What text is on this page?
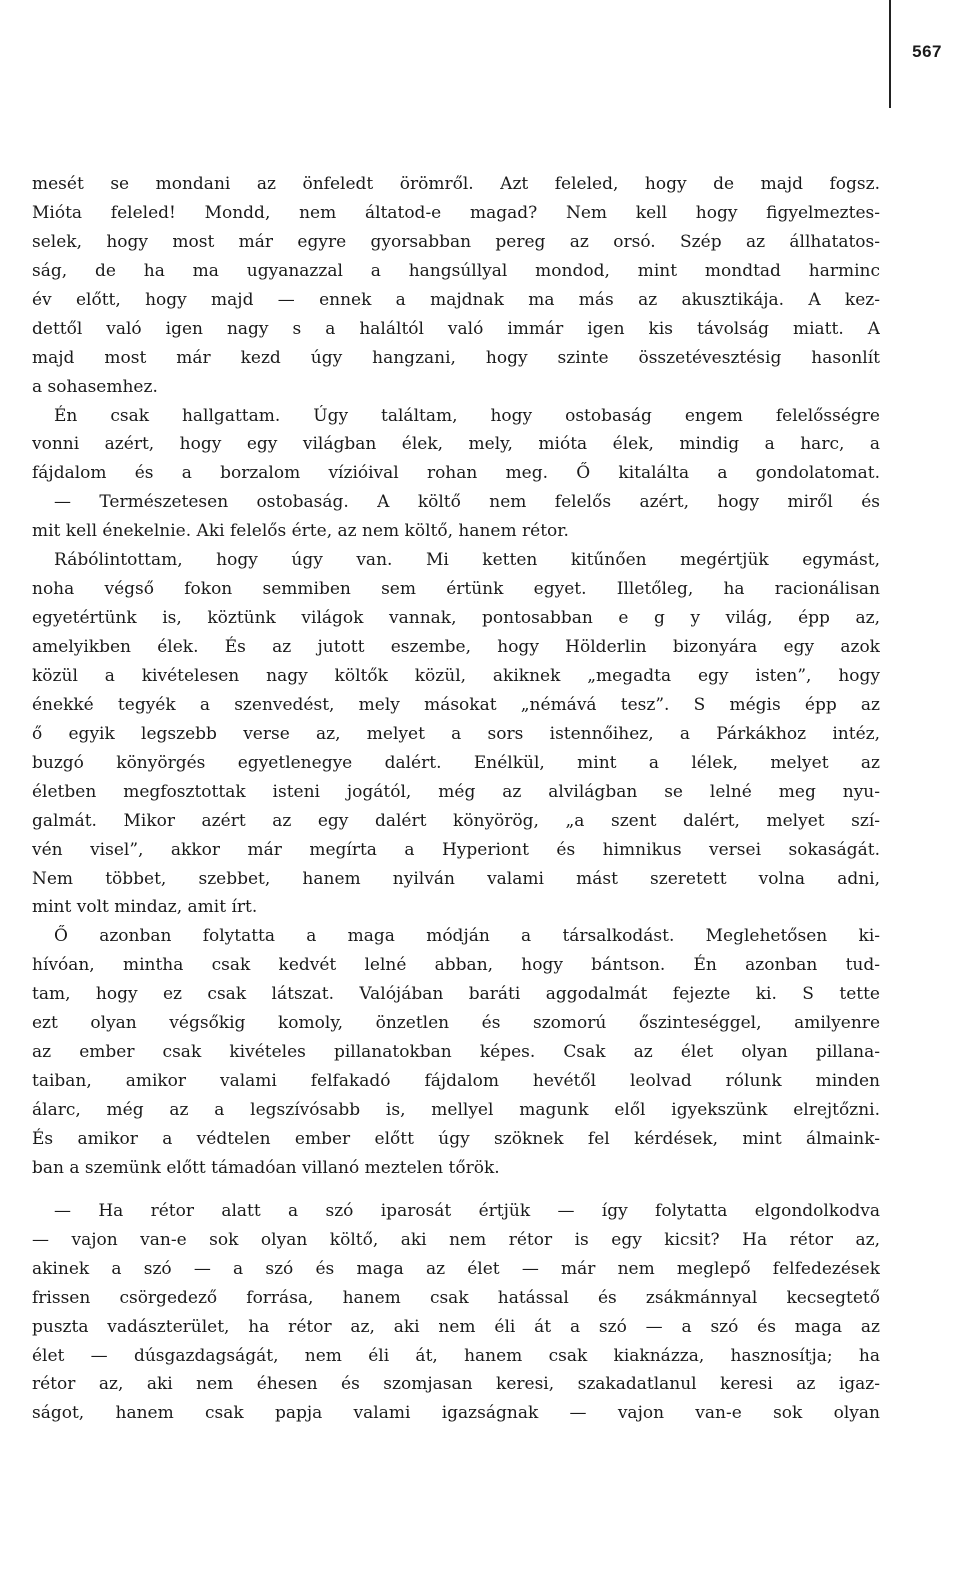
567
mesét se mondani az önfeledt örömről. Azt feleled, hogy de majd fogsz.
Mióta feleled! Mondd, nem áltatod-e magad? Nem kell hogy figyelmeztes-
selek, hogy most már egyre gyorsabban pereg az orsó. Szép az állhatatos-
ság, de ha ma ugyanazzal a hangsúllyal mondod, mint mondtad harminc
év előtt, hogy majd — ennek a majdnak ma más az akusztikája. A kez-
dettől való igen nagy s a haláltól való immár igen kis távolság miatt. A
majd most már kezd úgy hangzani, hogy szinte összetévesztésig hasonlít
a sohasemhez.
Én csak hallgattam. Úgy találtam, hogy ostobaság engem felelősségre
vonni azért, hogy egy világban élek, mely, mióta élek, mindig a harc, a
fájdalom és a borzalom vízióival rohan meg. Ő kitalálta a gondolatomat.
— Természetesen ostobaság. A költő nem felelős azért, hogy miről és
mit kell énekelnie. Aki felelős érte, az nem költő, hanem rétor.
Rábólintottam, hogy úgy van. Mi ketten kitűnően megértjük egymást,
noha végső fokon semmiben sem értünk egyet. Illetőleg, ha racionálisan
egyetértünk is, köztünk világok vannak, pontosabban e g y világ, épp az,
amelyikben élek. És az jutott eszembe, hogy Hölderlin bizonyára egy azok
közül a kivételesen nagy költők közül, akiknek „megadta egy isten”, hogy
énekké tegyék a szenvedést, mely másokat „némává tesz”. S mégis épp az
ő egyik legszebb verse az, melyet a sors istennőihez, a Párkákhoz intéz,
buzgó könyörgés egyetlenegye dalért. Enélkül, mint a lélek, melyet az
életben megfosztottak isteni jogától, még az alvilágban se lelné meg nyu-
galmát. Mikor azért az egy dalért könyörög, „a szent dalért, melyet szí-
vén visel”, akkor már megírta a Hyperiont és himnikus versei sokaságát.
Nem többet, szebbet, hanem nyilván valami mást szeretett volna adni,
mint volt mindaz, amit írt.
Ő azonban folytatta a maga módján a társalkodást. Meglehetősen ki-
hívóan, mintha csak kedvét lelné abban, hogy bántson. Én azonban tud-
tam, hogy ez csak látszat. Valójában baráti aggodalmát fejezte ki. S tette
ezt olyan végsőkig komoly, önzetlen és szomorú őszinteséggel, amilyenre
az ember csak kivételes pillanatokban képes. Csak az élet olyan pillana-
taiban, amikor valami felfakadó fájdalom hevétől leolvad rólunk minden
álarc, még az a legszívósabb is, mellyel magunk elől igyekszünk elrejtőzni.
És amikor a védtelen ember előtt úgy szöknek fel kérdések, mint álmaink-
ban a szemünk előtt támadóan villanó meztelen tőrök.
— Ha rétor alatt a szó iparosát értjük — így folytatta elgondolkodva
— vajon van-e sok olyan költő, aki nem rétor is egy kicsit? Ha rétor az,
akinek a szó — a szó és maga az élet — már nem meglepő felfedezések
frissen csörgedező forrása, hanem csak hatással és zsákmánnyal kecsegtető
puszta vadászterület, ha rétor az, aki nem éli át a szó — a szó és maga az
élet — dúsgazdagságát, nem éli át, hanem csak kiaknázza, hasznosítja; ha
rétor az, aki nem éhesen és szomjasan keresi, szakadatlanul keresi az igaz-
ságot, hanem csak papja valami igazságnak — vajon van-e sok olyan
